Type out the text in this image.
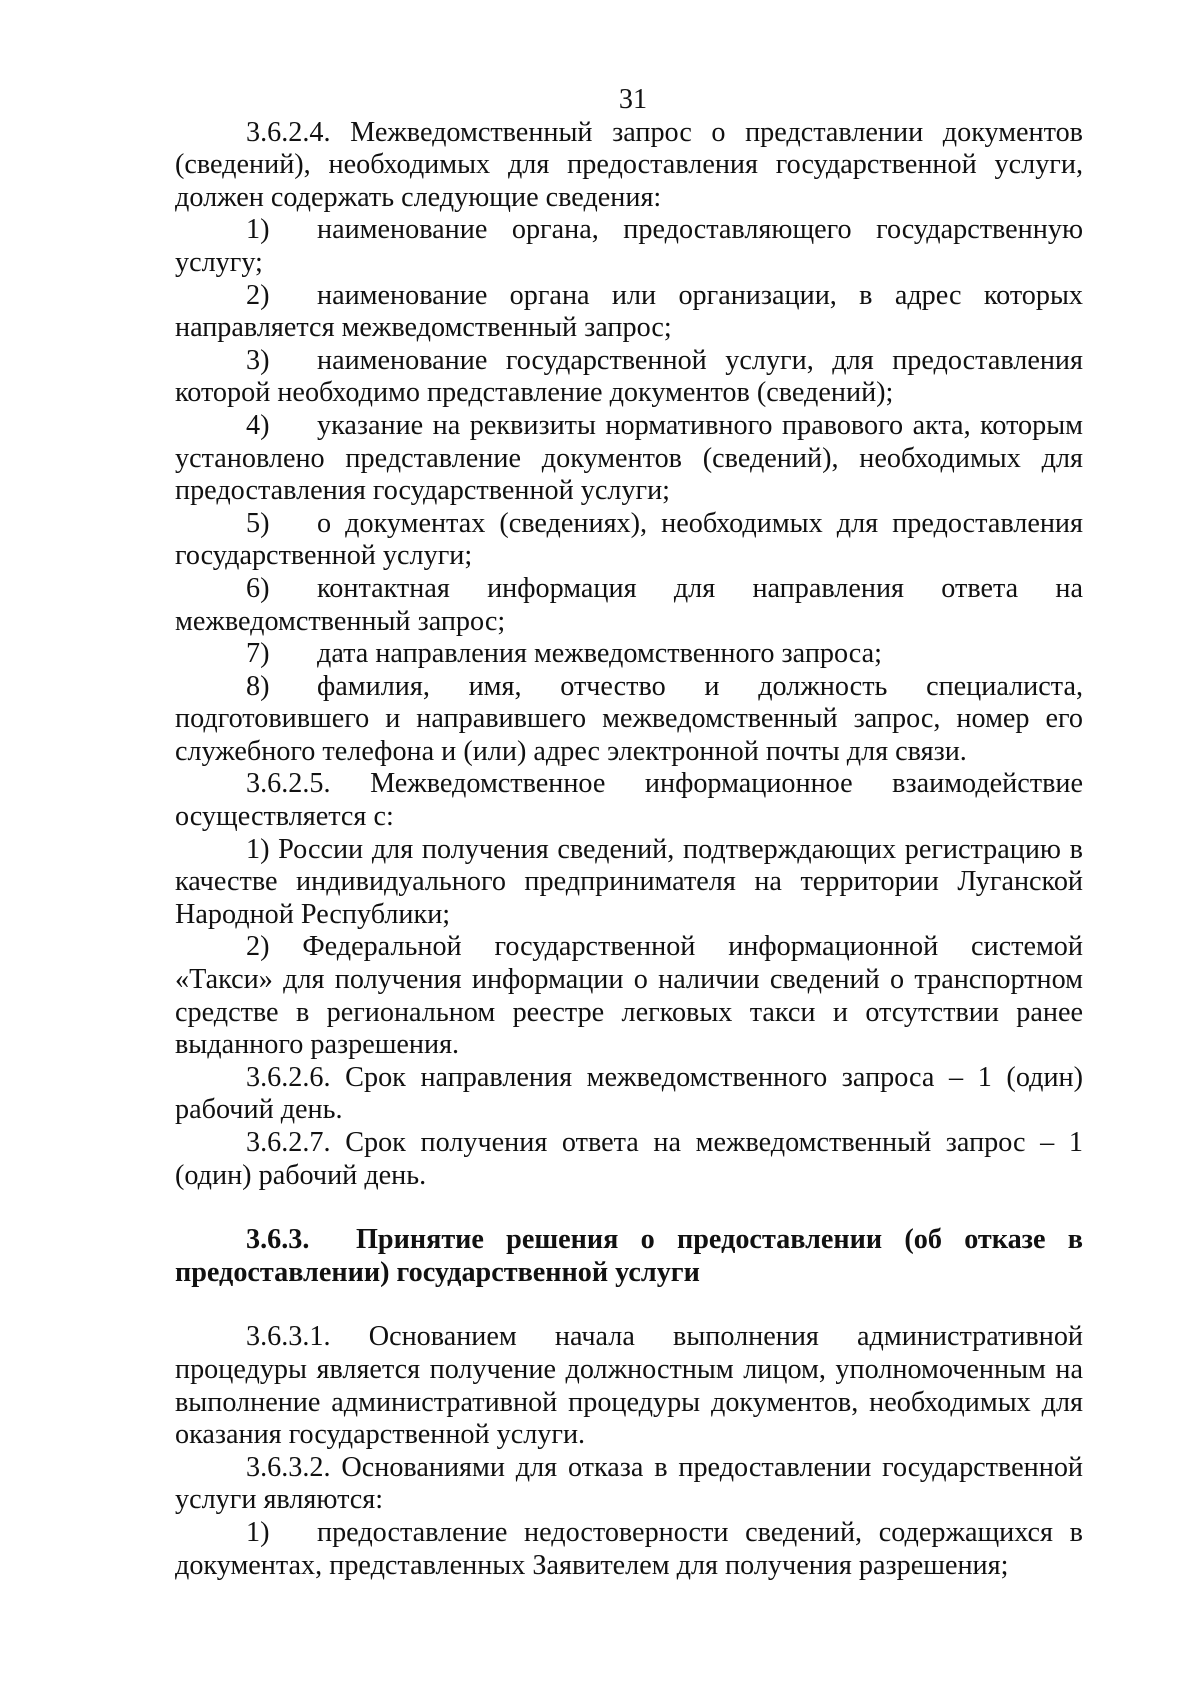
31

3.6.2.4. Межведомственный запрос о представлении документов (сведений), необходимых для предоставления государственной услуги, должен содержать следующие сведения:

1) наименование органа, предоставляющего государственную услугу;

2) наименование органа или организации, в адрес которых направляется межведомственный запрос;

3) наименование государственной услуги, для предоставления которой необходимо представление документов (сведений);

4) указание на реквизиты нормативного правового акта, которым установлено представление документов (сведений), необходимых для предоставления государственной услуги;

5) о документах (сведениях), необходимых для предоставления государственной услуги;

6) контактная информация для направления ответа на межведомственный запрос;

7) дата направления межведомственного запроса;

8) фамилия, имя, отчество и должность специалиста, подготовившего и направившего межведомственный запрос, номер его служебного телефона и (или) адрес электронной почты для связи.

3.6.2.5. Межведомственное информационное взаимодействие осуществляется с:

1) России для получения сведений, подтверждающих регистрацию в качестве индивидуального предпринимателя на территории Луганской Народной Республики;

2) Федеральной государственной информационной системой «Такси» для получения информации о наличии сведений о транспортном средстве в региональном реестре легковых такси и отсутствии ранее выданного разрешения.

3.6.2.6. Срок направления межведомственного запроса – 1 (один) рабочий день.

3.6.2.7. Срок получения ответа на межведомственный запрос – 1 (один) рабочий день.

3.6.3. Принятие решения о предоставлении (об отказе в предоставлении) государственной услуги

3.6.3.1. Основанием начала выполнения административной процедуры является получение должностным лицом, уполномоченным на выполнение административной процедуры документов, необходимых для оказания государственной услуги.

3.6.3.2. Основаниями для отказа в предоставлении государственной услуги являются:

1) предоставление недостоверности сведений, содержащихся в документах, представленных Заявителем для получения разрешения;
